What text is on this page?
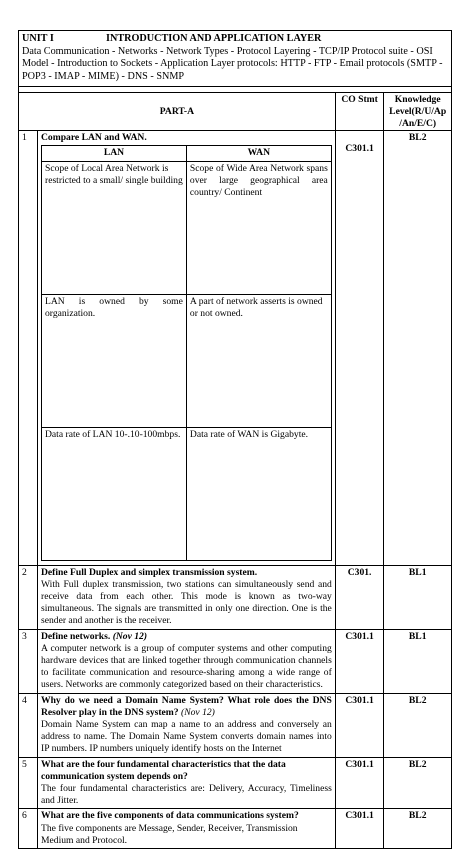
UNIT I	INTRODUCTION AND APPLICATION LAYER
Data Communication - Networks - Network Types - Protocol Layering - TCP/IP Protocol suite - OSI Model - Introduction to Sockets - Application Layer protocols: HTTP - FTP - Email protocols (SMTP - POP3 - IMAP - MIME) - DNS - SNMP
PART-A	CO Stmt	Knowledge Level(R/U/Ap /An/E/C)
1	Compare LAN and WAN.
LAN	WAN
Scope of Local Area Network is restricted to a small/ single building	Scope of Wide Area Network spans over large geographical area country/ Continent
LAN is owned by some organization.	A part of network asserts is owned or not owned.
Data rate of LAN 10-.10-100mbps.	Data rate of WAN is Gigabyte.
	C301.1	BL2
2	Define Full Duplex and simplex transmission system.
With Full duplex transmission, two stations can simultaneously send and receive data from each other. This mode is known as two-way simultaneous. The signals are transmitted in only one direction. One is the sender and another is the receiver.
	C301.	BL1
3	Define networks. (Nov 12)
A computer network is a group of computer systems and other computing hardware devices that are linked together through communication channels to facilitate communication and resource-sharing among a wide range of users. Networks are commonly categorized based on their characteristics.
	C301.1	BL1
4	Why do we need a Domain Name System? What role does the DNS Resolver play in the DNS system? (Nov 12)
Domain Name System can map a name to an address and conversely an address to name. The Domain Name System converts domain names into IP numbers. IP numbers uniquely identify hosts on the Internet
	C301.1	BL2
5	What are the four fundamental characteristics that the data communication system depends on?
The four fundamental characteristics are: Delivery, Accuracy, Timeliness and Jitter.
	C301.1	BL2
6	What are the five components of data communications system?
The five components are Message, Sender, Receiver, Transmission Medium and Protocol.
	C301.1	BL2
